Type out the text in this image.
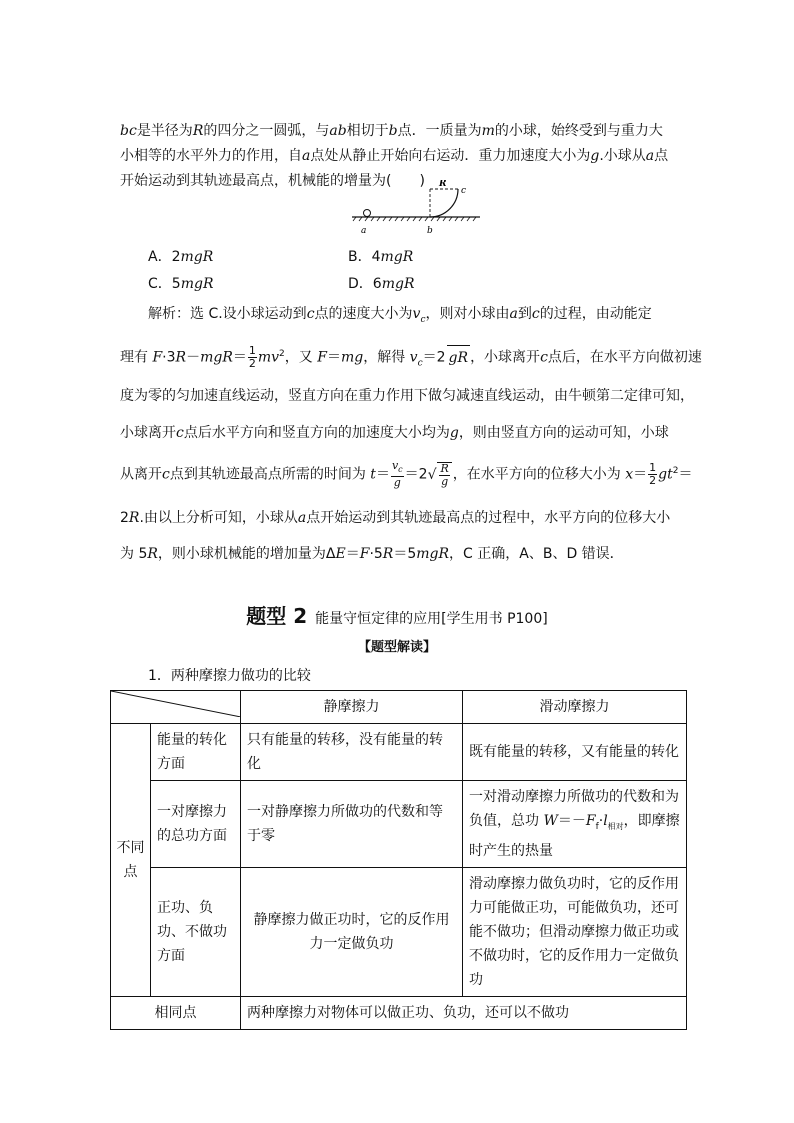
bc是半径为R的四分之一圆弧，与ab相切于b点．一质量为m的小球，始终受到与重力大
小相等的水平外力的作用，自a点处从静止开始向右运动．重力加速度大小为g.小球从a点
开始运动到其轨迹最高点，机械能的增量为(　　)
a	b
c
R
A．2mgR	B．4mgR
C．5mgR	D．6mgR
解析：选 C.设小球运动到c点的速度大小为$v_c$，则对小球由a到c的过程，由动能定
理有 $F\cdot 3R-mgR= \frac{1}{2} mv^2$，又 F＝mg，解得 $v_c=2$ gR ，小球离开c点后，在水平方向做初速
度为零的匀加速直线运动，竖直方向在重力作用下做匀减速直线运动，由牛顿第二定律可知，
小球离开c点后水平方向和竖直方向的加速度大小均为g，则由竖直方向的运动可知，小球
从离开c点到其轨迹最高点所需的时间为 $t= \frac{v_c}{g} =2√ \frac{R}{g}$ ，在水平方向的位移大小为 $x= \frac{1}{2} gt^2=$
2R.由以上分析可知，小球从a点开始运动到其轨迹最高点的过程中，水平方向的位移大小
为 5R，则小球机械能的增加量为ΔE＝F·5R＝5mgR，C 正确，A、B、D 错误．
题型 2 能量守恒定律的应用[学生用书 P100]
【题型解读】
1．两种摩擦力做功的比较
	静摩擦力	滑动摩擦力
不同点	能量的转化方面	只有能量的转移，没有能量的转化	既有能量的转移，又有能量的转化
	一对摩擦力的总功方面	一对静摩擦力所做功的代数和等于零	一对滑动摩擦力所做功的代数和为负值，总功 $W=-F_f\cdot l_{相对}$，即摩擦时产生的热量
	正功、负功、不做功方面	静摩擦力做正功时，它的反作用力一定做负功	滑动摩擦力做负功时，它的反作用力可能做正功，可能做负功，还可能不做功；但滑动摩擦力做正功或不做功时，它的反作用力一定做负功
相同点		两种摩擦力对物体可以做正功、负功，还可以不做功	
